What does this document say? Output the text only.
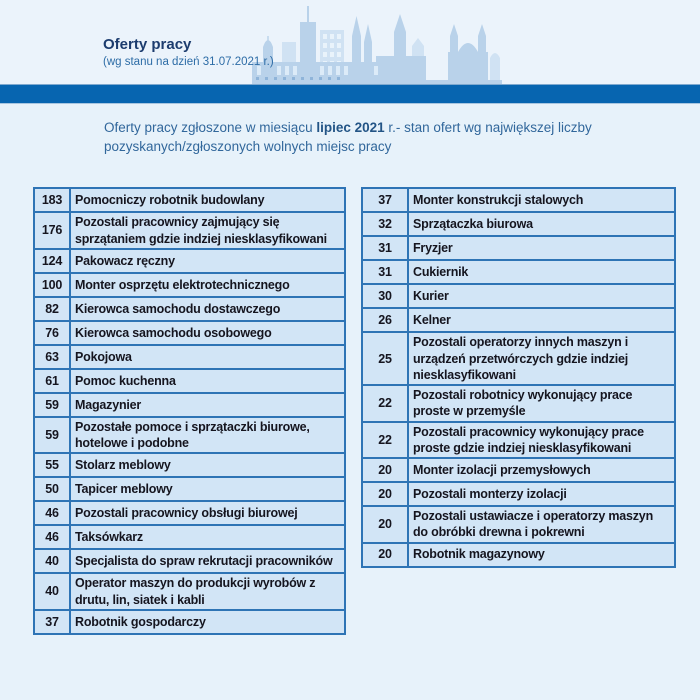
Oferty pracy
(wg stanu na dzień 31.07.2021 r.)

Oferty pracy zgłoszone w miesiącu lipiec 2021 r.- stan ofert wg największej liczby pozyskanych/zgłoszonych wolnych miejsc pracy

183	Pomocniczy robotnik budowlany
176	Pozostali pracownicy zajmujący się sprzątaniem gdzie indziej niesklasyfikowani
124	Pakowacz ręczny
100	Monter osprzętu elektrotechnicznego
82	Kierowca samochodu dostawczego
76	Kierowca samochodu osobowego
63	Pokojowa
61	Pomoc kuchenna
59	Magazynier
59	Pozostałe pomoce i sprzątaczki biurowe, hotelowe i podobne
55	Stolarz meblowy
50	Tapicer meblowy
46	Pozostali pracownicy obsługi biurowej
46	Taksówkarz
40	Specjalista do spraw rekrutacji pracowników
40	Operator maszyn do produkcji wyrobów z drutu, lin, siatek i kabli
37	Robotnik gospodarczy
37	Monter konstrukcji stalowych
32	Sprzątaczka biurowa
31	Fryzjer
31	Cukiernik
30	Kurier
26	Kelner
25	Pozostali operatorzy innych maszyn i urządzeń przetwórczych gdzie indziej niesklasyfikowani
22	Pozostali robotnicy wykonujący prace proste w przemyśle
22	Pozostali pracownicy wykonujący prace proste gdzie indziej niesklasyfikowani
20	Monter izolacji przemysłowych
20	Pozostali monterzy izolacji
20	Pozostali ustawiacze i operatorzy maszyn do obróbki drewna i pokrewni
20	Robotnik magazynowy
